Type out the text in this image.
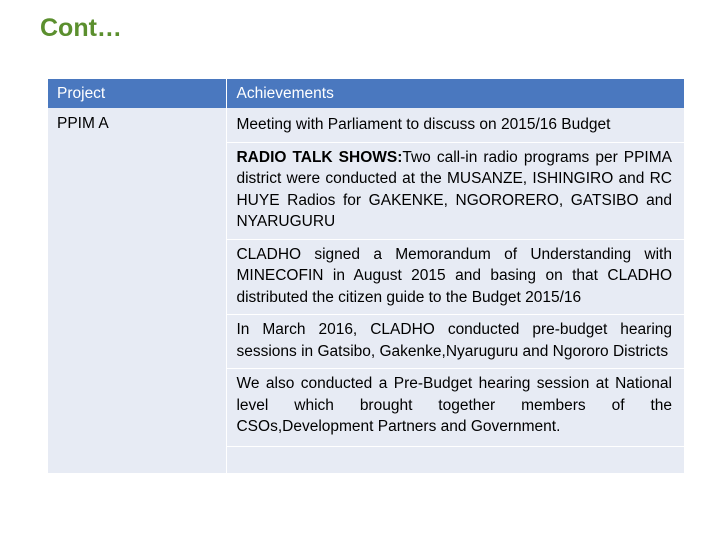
Cont…
Project	Achievements

PPIM A	Meeting with Parliament to discuss on 2015/16 Budget

	RADIO TALK SHOWS:Two call-in radio programs per PPIMA district were conducted at the MUSANZE, ISHINGIRO and RC HUYE Radios for GAKENKE, NGORORERO, GATSIBO and NYARUGURU

	CLADHO signed a Memorandum of Understanding with MINECOFIN in August 2015 and basing on that CLADHO distributed the citizen guide to the Budget 2015/16

	In March 2016, CLADHO conducted pre-budget hearing sessions in Gatsibo, Gakenke,Nyaruguru and Ngororo Districts

	We also conducted a Pre-Budget hearing session at National level which brought together members of the CSOs,Development Partners and Government.
